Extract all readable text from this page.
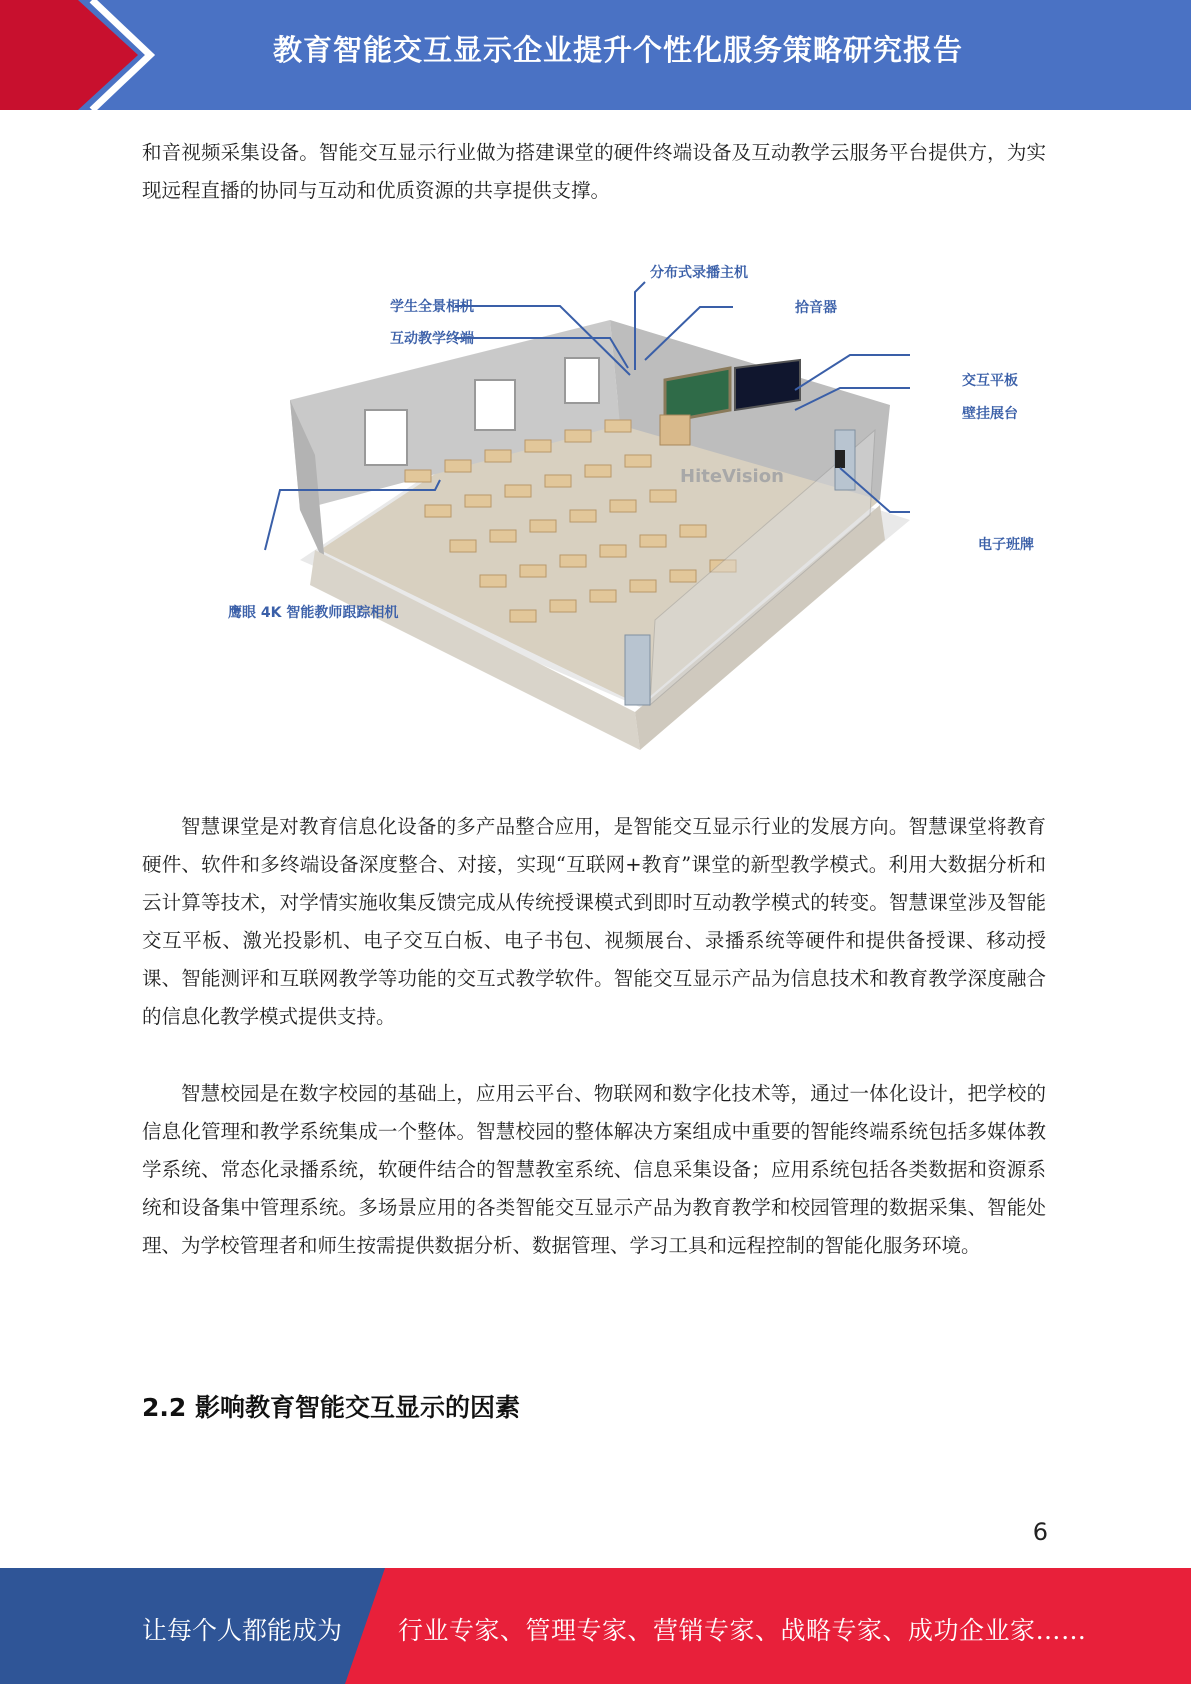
教育智能交互显示企业提升个性化服务策略研究报告

和音视频采集设备。智能交互显示行业做为搭建课堂的硬件终端设备及互动教学云服务平台提供方，为实现远程直播的协同与互动和优质资源的共享提供支撑。

分布式录播主机
学生全景相机	拾音器
互动教学终端
交互平板
壁挂展台
电子班牌
鹰眼 4K 智能教师跟踪相机
HiteVision

智慧课堂是对教育信息化设备的多产品整合应用，是智能交互显示行业的发展方向。智慧课堂将教育硬件、软件和多终端设备深度整合、对接，实现“互联网+教育”课堂的新型教学模式。利用大数据分析和云计算等技术，对学情实施收集反馈完成从传统授课模式到即时互动教学模式的转变。智慧课堂涉及智能交互平板、激光投影机、电子交互白板、电子书包、视频展台、录播系统等硬件和提供备授课、移动授课、智能测评和互联网教学等功能的交互式教学软件。智能交互显示产品为信息技术和教育教学深度融合的信息化教学模式提供支持。

智慧校园是在数字校园的基础上，应用云平台、物联网和数字化技术等，通过一体化设计，把学校的信息化管理和教学系统集成一个整体。智慧校园的整体解决方案组成中重要的智能终端系统包括多媒体教学系统、常态化录播系统，软硬件结合的智慧教室系统、信息采集设备；应用系统包括各类数据和资源系统和设备集中管理系统。多场景应用的各类智能交互显示产品为教育教学和校园管理的数据采集、智能处理、为学校管理者和师生按需提供数据分析、数据管理、学习工具和远程控制的智能化服务环境。

2.2 影响教育智能交互显示的因素
6
让每个人都能成为 行业专家、管理专家、营销专家、战略专家、成功企业家……
